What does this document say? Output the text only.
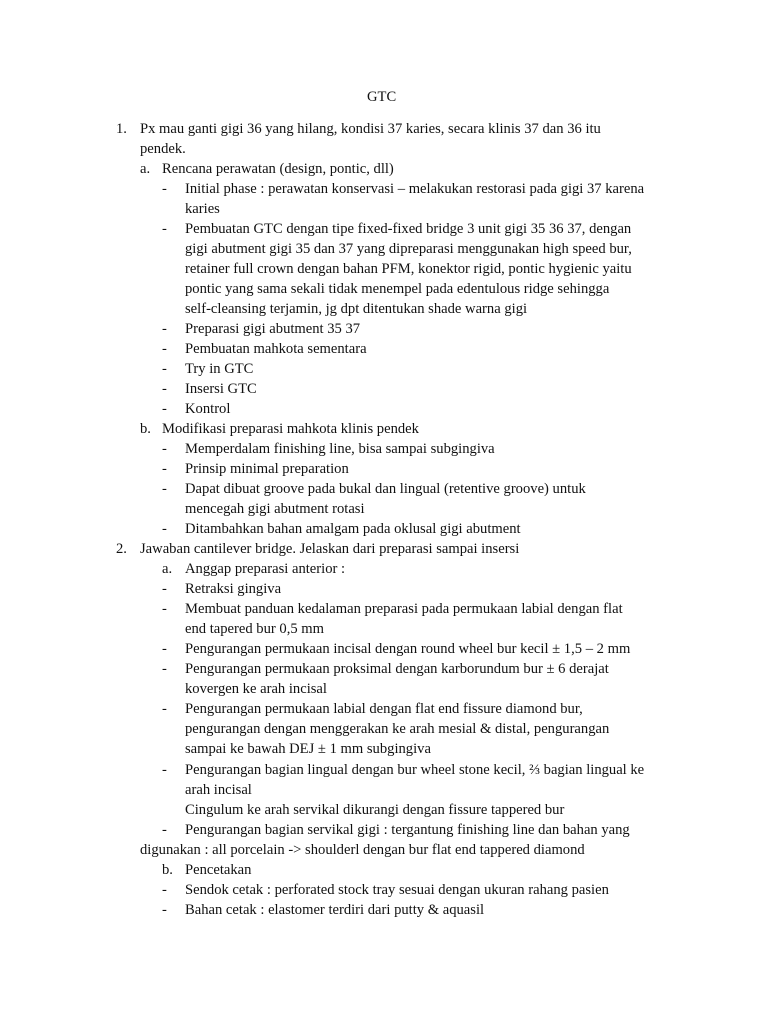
GTC
1. Px mau ganti gigi 36 yang hilang, kondisi 37 karies, secara klinis 37 dan 36 itu
pendek.
a. Rencana perawatan (design, pontic, dll)
- Initial phase : perawatan konservasi – melakukan restorasi pada gigi 37 karena
karies
- Pembuatan GTC dengan tipe fixed-fixed bridge 3 unit gigi 35 36 37, dengan
gigi abutment gigi 35 dan 37 yang dipreparasi menggunakan high speed bur,
retainer full crown dengan bahan PFM, konektor rigid, pontic hygienic yaitu
pontic yang sama sekali tidak menempel pada edentulous ridge sehingga
self-cleansing terjamin, jg dpt ditentukan shade warna gigi
- Preparasi gigi abutment 35 37
- Pembuatan mahkota sementara
- Try in GTC
- Insersi GTC
- Kontrol
b. Modifikasi preparasi mahkota klinis pendek
- Memperdalam finishing line, bisa sampai subgingiva
- Prinsip minimal preparation
- Dapat dibuat groove pada bukal dan lingual (retentive groove) untuk
mencegah gigi abutment rotasi
- Ditambahkan bahan amalgam pada oklusal gigi abutment
2. Jawaban cantilever bridge. Jelaskan dari preparasi sampai insersi
a. Anggap preparasi anterior :
- Retraksi gingiva
- Membuat panduan kedalaman preparasi pada permukaan labial dengan flat
end tapered bur 0,5 mm
- Pengurangan permukaan incisal dengan round wheel bur kecil ± 1,5 – 2 mm
- Pengurangan permukaan proksimal dengan karborundum bur ± 6 derajat
kovergen ke arah incisal
- Pengurangan permukaan labial dengan flat end fissure diamond bur,
pengurangan dengan menggerakan ke arah mesial & distal, pengurangan
sampai ke bawah DEJ ± 1 mm subgingiva
- Pengurangan bagian lingual dengan bur wheel stone kecil, ⅔ bagian lingual ke
arah incisal
Cingulum ke arah servikal dikurangi dengan fissure tappered bur
- Pengurangan bagian servikal gigi : tergantung finishing line dan bahan yang
digunakan : all porcelain -> shoulderl dengan bur flat end tappered diamond
b. Pencetakan
- Sendok cetak : perforated stock tray sesuai dengan ukuran rahang pasien
- Bahan cetak : elastomer terdiri dari putty & aquasil
